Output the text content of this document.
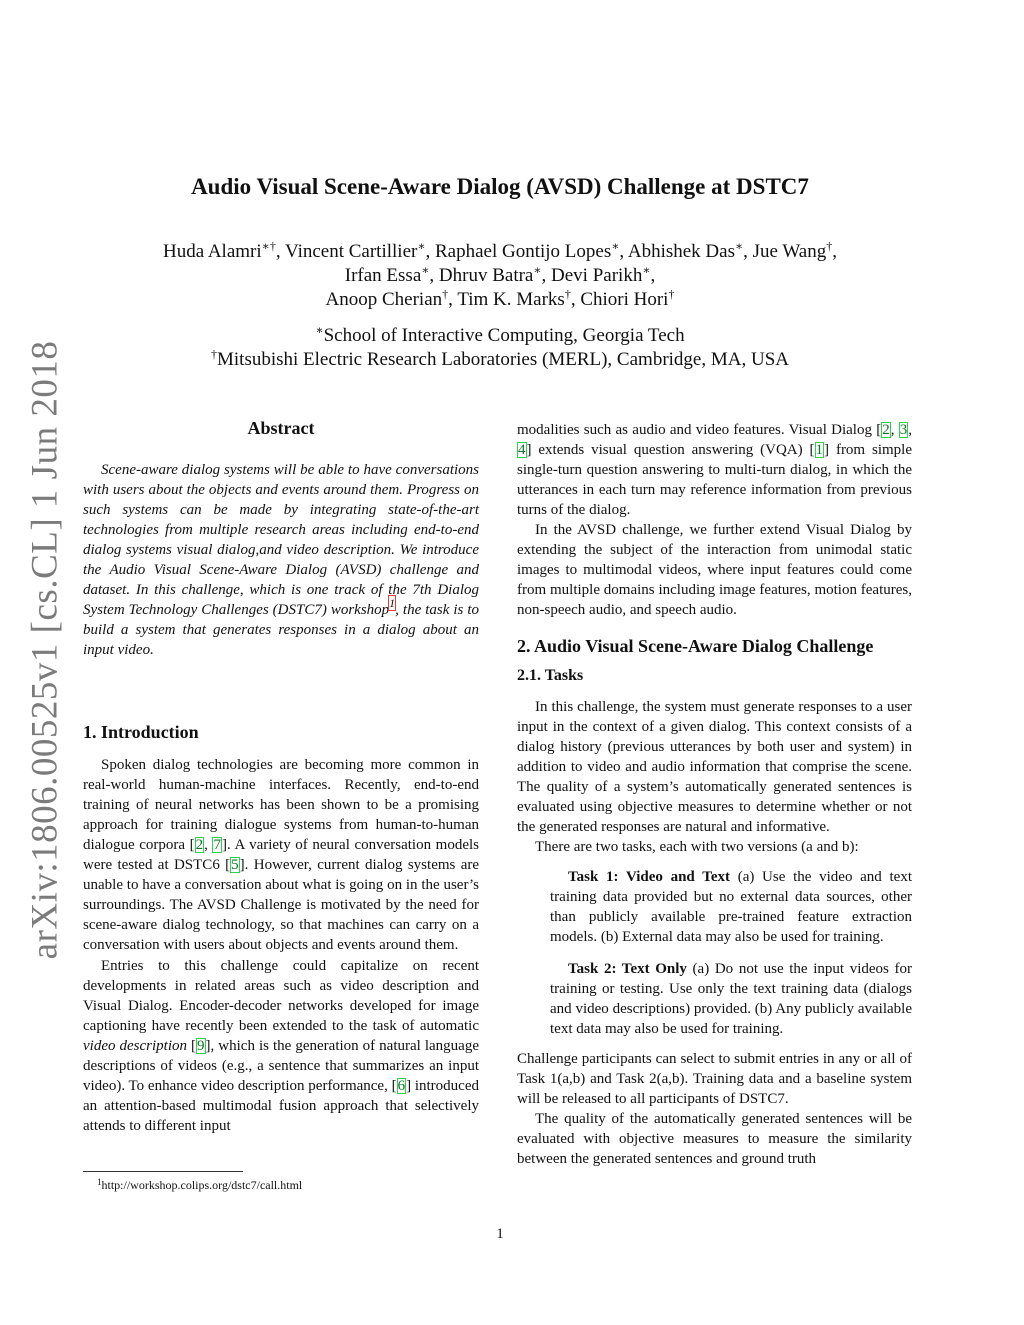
arXiv:1806.00525v1 [cs.CL] 1 Jun 2018
Audio Visual Scene-Aware Dialog (AVSD) Challenge at DSTC7
Huda Alamri∗†, Vincent Cartillier∗, Raphael Gontijo Lopes∗, Abhishek Das∗, Jue Wang†,
Irfan Essa∗, Dhruv Batra∗, Devi Parikh∗,
Anoop Cherian†, Tim K. Marks†, Chiori Hori†
∗School of Interactive Computing, Georgia Tech
†Mitsubishi Electric Research Laboratories (MERL), Cambridge, MA, USA
Abstract

Scene-aware dialog systems will be able to have conversations with users about the objects and events around them. Progress on such systems can be made by integrating state-of-the-art technologies from multiple research areas including end-to-end dialog systems visual dialog,and video description. We introduce the Audio Visual Scene-Aware Dialog (AVSD) challenge and dataset. In this challenge, which is one track of the 7th Dialog System Technology Challenges (DSTC7) workshop$^1$, the task is to build a system that generates responses in a dialog about an input video.

1. Introduction

Spoken dialog technologies are becoming more common in real-world human-machine interfaces. Recently, end-to-end training of neural networks has been shown to be a promising approach for training dialogue systems from human-to-human dialogue corpora [2, 7]. A variety of neural conversation models were tested at DSTC6 [5]. However, current dialog systems are unable to have a conversation about what is going on in the user’s surroundings. The AVSD Challenge is motivated by the need for scene-aware dialog technology, so that machines can carry on a conversation with users about objects and events around them.

Entries to this challenge could capitalize on recent developments in related areas such as video description and Visual Dialog. Encoder-decoder networks developed for image captioning have recently been extended to the task of automatic video description [9], which is the generation of natural language descriptions of videos (e.g., a sentence that summarizes an input video). To enhance video description performance, [6] introduced an attention-based multimodal fusion approach that selectively attends to different input

$^1$http://workshop.colips.org/dstc7/call.html

modalities such as audio and video features. Visual Dialog [2, 3, 4] extends visual question answering (VQA) [1] from simple single-turn question answering to multi-turn dialog, in which the utterances in each turn may reference information from previous turns of the dialog.

In the AVSD challenge, we further extend Visual Dialog by extending the subject of the interaction from unimodal static images to multimodal videos, where input features could come from multiple domains including image features, motion features, non-speech audio, and speech audio.

2. Audio Visual Scene-Aware Dialog Challenge
2.1. Tasks

In this challenge, the system must generate responses to a user input in the context of a given dialog. This context consists of a dialog history (previous utterances by both user and system) in addition to video and audio information that comprise the scene. The quality of a system’s automatically generated sentences is evaluated using objective measures to determine whether or not the generated responses are natural and informative.

There are two tasks, each with two versions (a and b):

Task 1: Video and Text (a) Use the video and text training data provided but no external data sources, other than publicly available pre-trained feature extraction models. (b) External data may also be used for training.

Task 2: Text Only (a) Do not use the input videos for training or testing. Use only the text training data (dialogs and video descriptions) provided. (b) Any publicly available text data may also be used for training.

Challenge participants can select to submit entries in any or all of Task 1(a,b) and Task 2(a,b). Training data and a baseline system will be released to all participants of DSTC7.

The quality of the automatically generated sentences will be evaluated with objective measures to measure the similarity between the generated sentences and ground truth

1
